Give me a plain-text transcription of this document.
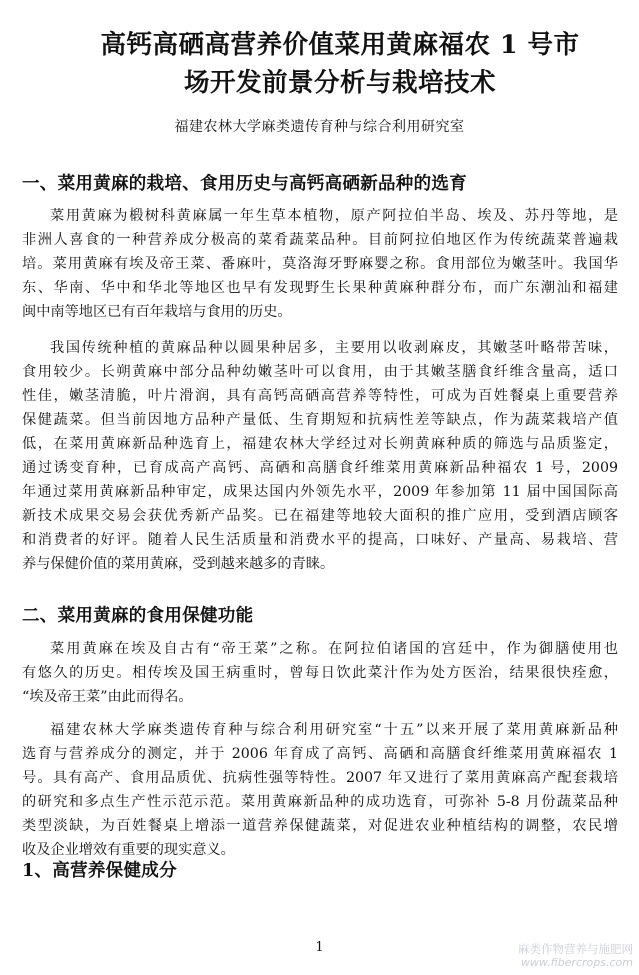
高钙高硒高营养价值菜用黄麻福农 1 号市
场开发前景分析与栽培技术
福建农林大学麻类遗传育种与综合利用研究室
一、菜用黄麻的栽培、食用历史与高钙高硒新品种的选育
菜用黄麻为椴树科黄麻属一年生草本植物，原产阿拉伯半岛、埃及、苏丹等地，是
非洲人喜食的一种营养成分极高的菜肴蔬菜品种。目前阿拉伯地区作为传统蔬菜普遍栽
培。菜用黄麻有埃及帝王菜、番麻叶，莫洛海牙野麻婴之称。食用部位为嫩茎叶。我国华
东、华南、华中和华北等地区也早有发现野生长果种黄麻种群分布，而广东潮汕和福建
闽中南等地区已有百年栽培与食用的历史。
我国传统种植的黄麻品种以圆果种居多，主要用以收剥麻皮，其嫩茎叶略带苦味，
食用较少。长朔黄麻中部分品种幼嫩茎叶可以食用，由于其嫩茎膳食纤维含量高，适口
性佳，嫩茎清脆，叶片滑润，具有高钙高硒高营养等特性，可成为百姓餐桌上重要营养
保健蔬菜。但当前因地方品种产量低、生育期短和抗病性差等缺点，作为蔬菜栽培产值
低，在菜用黄麻新品种选育上，福建农林大学经过对长朔黄麻种质的筛选与品质鉴定，
通过诱变育种，已育成高产高钙、高硒和高膳食纤维菜用黄麻新品种福农 1 号，2009
年通过菜用黄麻新品种审定，成果达国内外领先水平，2009 年参加第 11 届中国国际高
新技术成果交易会获优秀新产品奖。已在福建等地较大面积的推广应用，受到酒店顾客
和消费者的好评。随着人民生活质量和消费水平的提高，口味好、产量高、易栽培、营
养与保健价值的菜用黄麻，受到越来越多的青睐。
二、菜用黄麻的食用保健功能
菜用黄麻在埃及自古有“帝王菜”之称。在阿拉伯诸国的宫廷中，作为御膳使用也
有悠久的历史。相传埃及国王病重时，曾每日饮此菜汁作为处方医治，结果很快痊愈，
“埃及帝王菜”由此而得名。
福建农林大学麻类遗传育种与综合利用研究室“十五”以来开展了菜用黄麻新品种
选育与营养成分的测定，并于 2006 年育成了高钙、高硒和高膳食纤维菜用黄麻福农 1
号。具有高产、食用品质优、抗病性强等特性。2007 年又进行了菜用黄麻高产配套栽培
的研究和多点生产性示范示范。菜用黄麻新品种的成功选育，可弥补 5-8 月份蔬菜品种
类型淡缺，为百姓餐桌上增添一道营养保健蔬菜，对促进农业种植结构的调整，农民增
收及企业增效有重要的现实意义。
1、高营养保健成分
1	麻类作物营养与施肥网
www.fibercrops.com
